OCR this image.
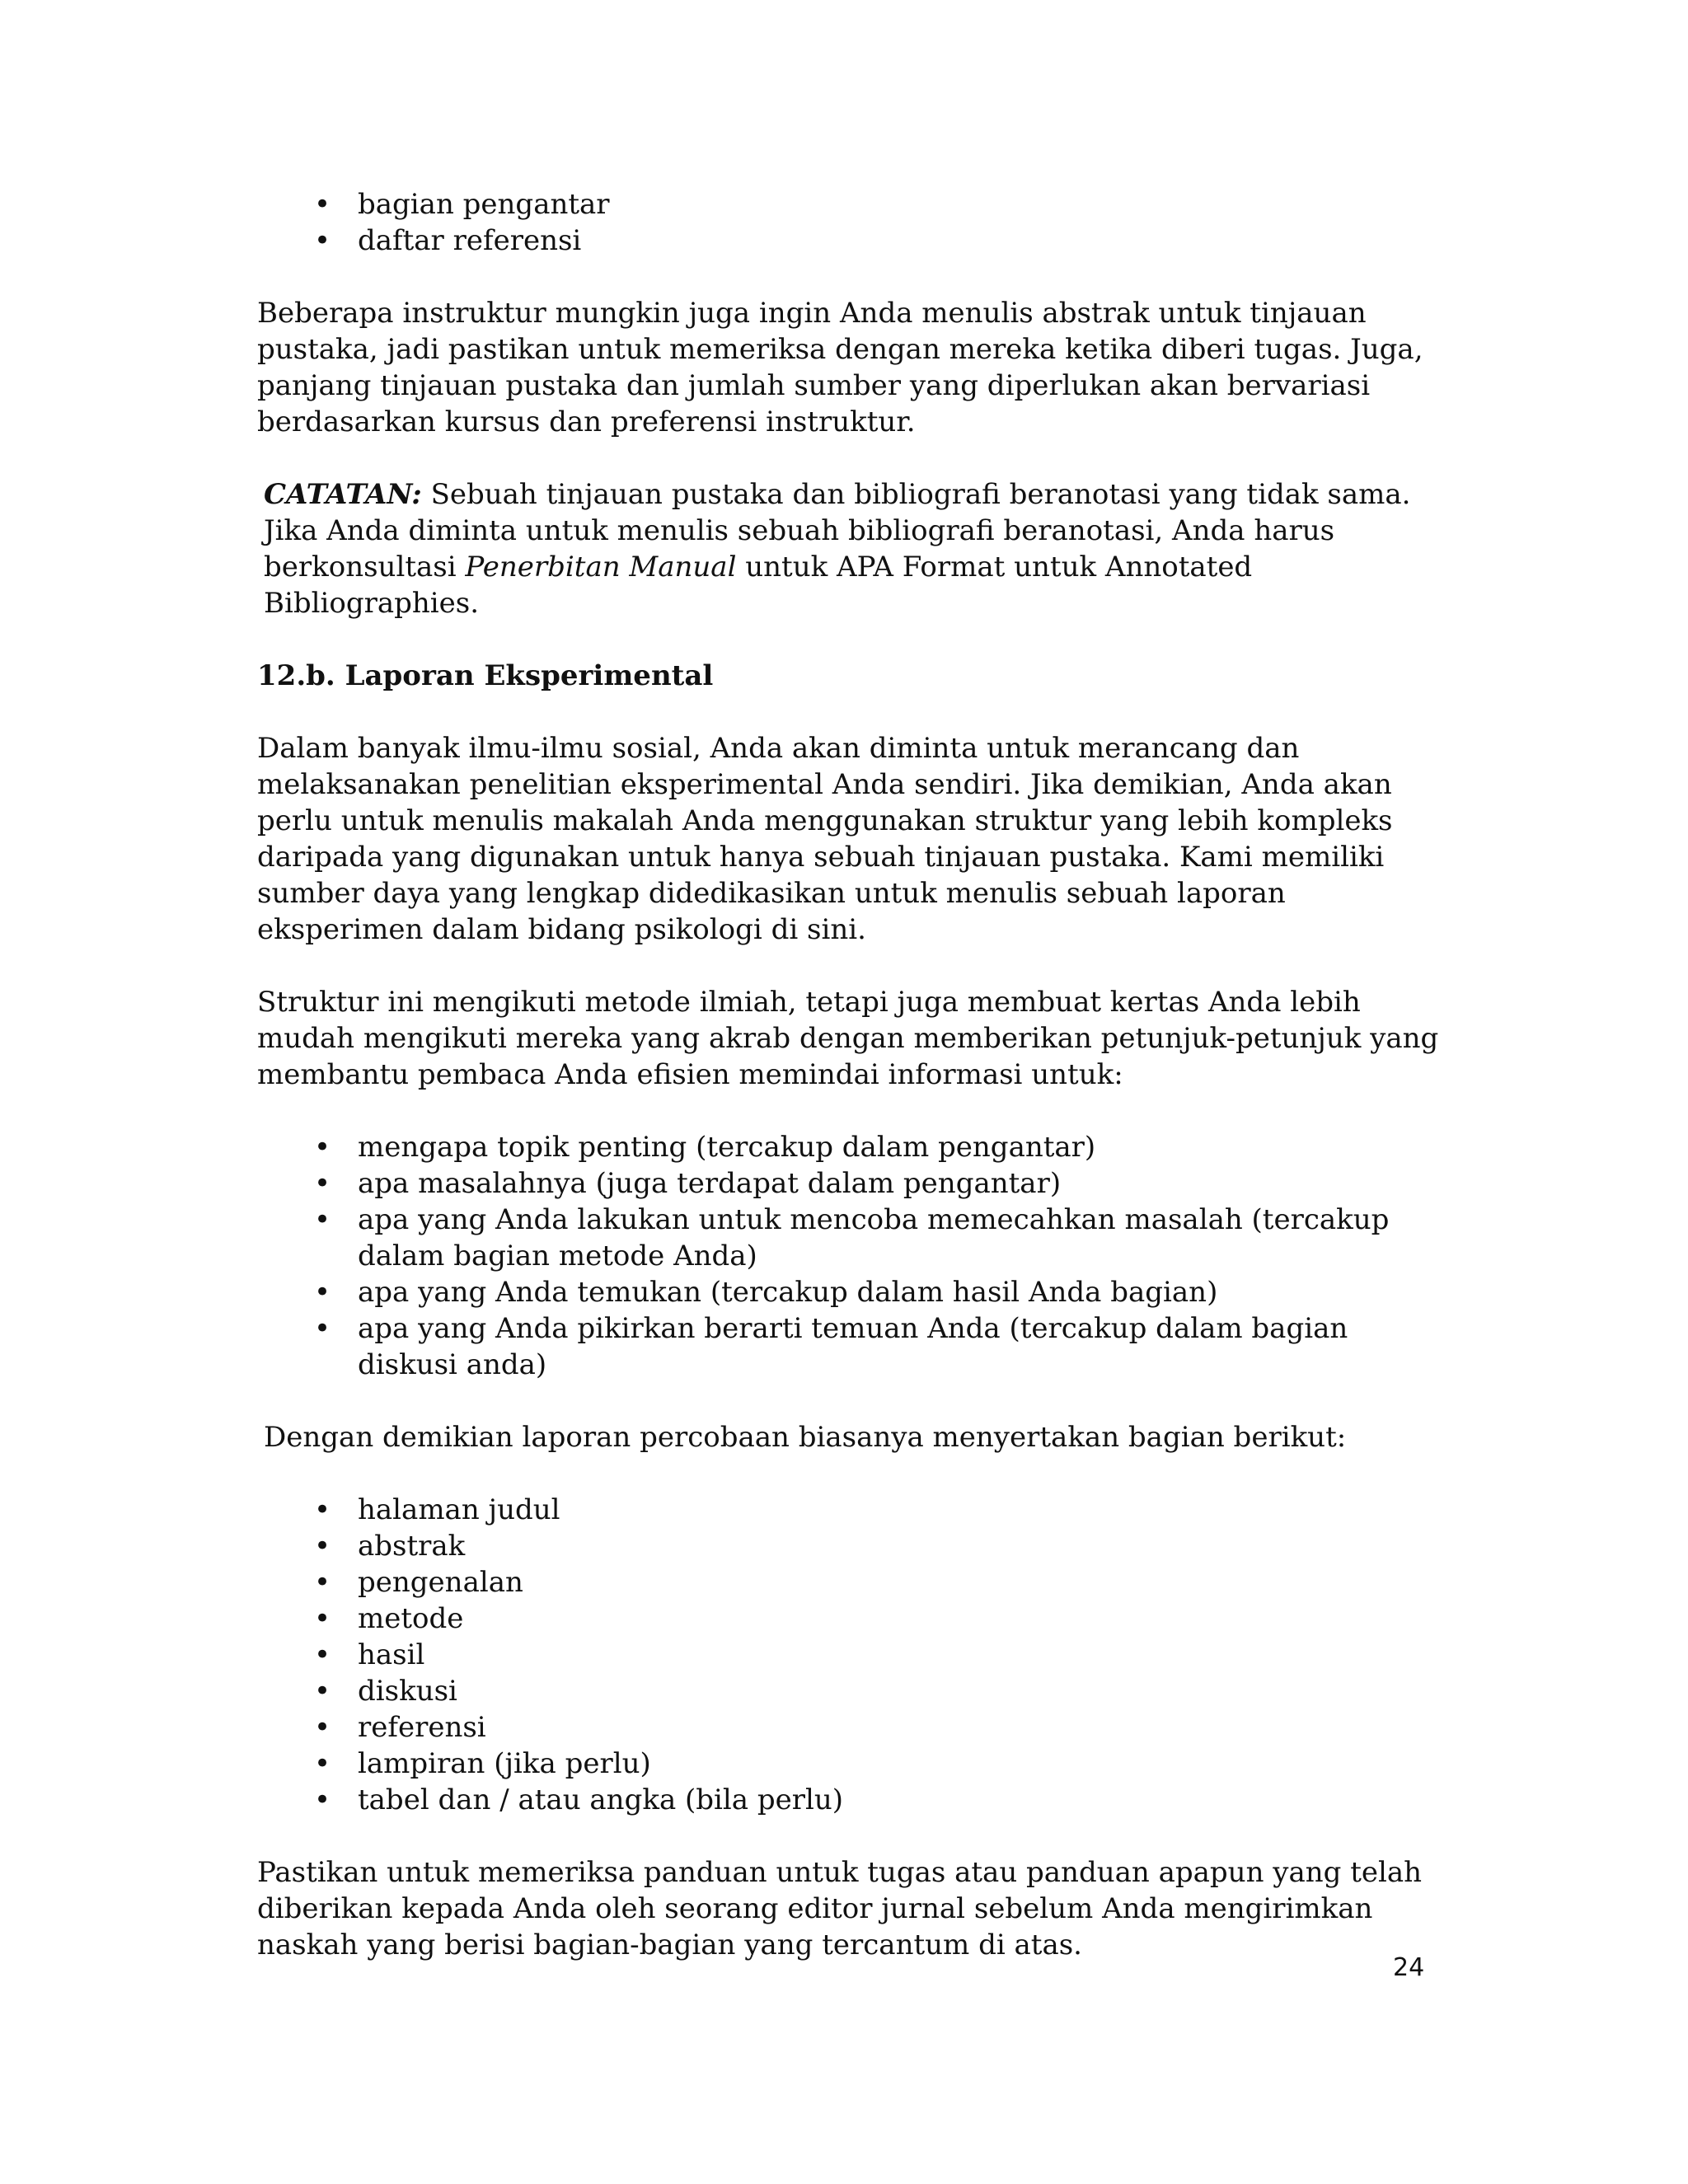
• bagian pengantar
• daftar referensi

Beberapa instruktur mungkin juga ingin Anda menulis abstrak untuk tinjauan pustaka, jadi pastikan untuk memeriksa dengan mereka ketika diberi tugas. Juga, panjang tinjauan pustaka dan jumlah sumber yang diperlukan akan bervariasi berdasarkan kursus dan preferensi instruktur.

CATATAN: Sebuah tinjauan pustaka dan bibliografi beranotasi yang tidak sama. Jika Anda diminta untuk menulis sebuah bibliografi beranotasi, Anda harus berkonsultasi Penerbitan Manual untuk APA Format untuk Annotated Bibliographies.

12.b. Laporan Eksperimental

Dalam banyak ilmu-ilmu sosial, Anda akan diminta untuk merancang dan melaksanakan penelitian eksperimental Anda sendiri. Jika demikian, Anda akan perlu untuk menulis makalah Anda menggunakan struktur yang lebih kompleks daripada yang digunakan untuk hanya sebuah tinjauan pustaka. Kami memiliki sumber daya yang lengkap didedikasikan untuk menulis sebuah laporan eksperimen dalam bidang psikologi di sini.

Struktur ini mengikuti metode ilmiah, tetapi juga membuat kertas Anda lebih mudah mengikuti mereka yang akrab dengan memberikan petunjuk-petunjuk yang membantu pembaca Anda efisien memindai informasi untuk:

• mengapa topik penting (tercakup dalam pengantar)
• apa masalahnya (juga terdapat dalam pengantar)
• apa yang Anda lakukan untuk mencoba memecahkan masalah (tercakup dalam bagian metode Anda)
• apa yang Anda temukan (tercakup dalam hasil Anda bagian)
• apa yang Anda pikirkan berarti temuan Anda (tercakup dalam bagian diskusi anda)

Dengan demikian laporan percobaan biasanya menyertakan bagian berikut:

• halaman judul
• abstrak
• pengenalan
• metode
• hasil
• diskusi
• referensi
• lampiran (jika perlu)
• tabel dan / atau angka (bila perlu)

Pastikan untuk memeriksa panduan untuk tugas atau panduan apapun yang telah diberikan kepada Anda oleh seorang editor jurnal sebelum Anda mengirimkan naskah yang berisi bagian-bagian yang tercantum di atas.

24
